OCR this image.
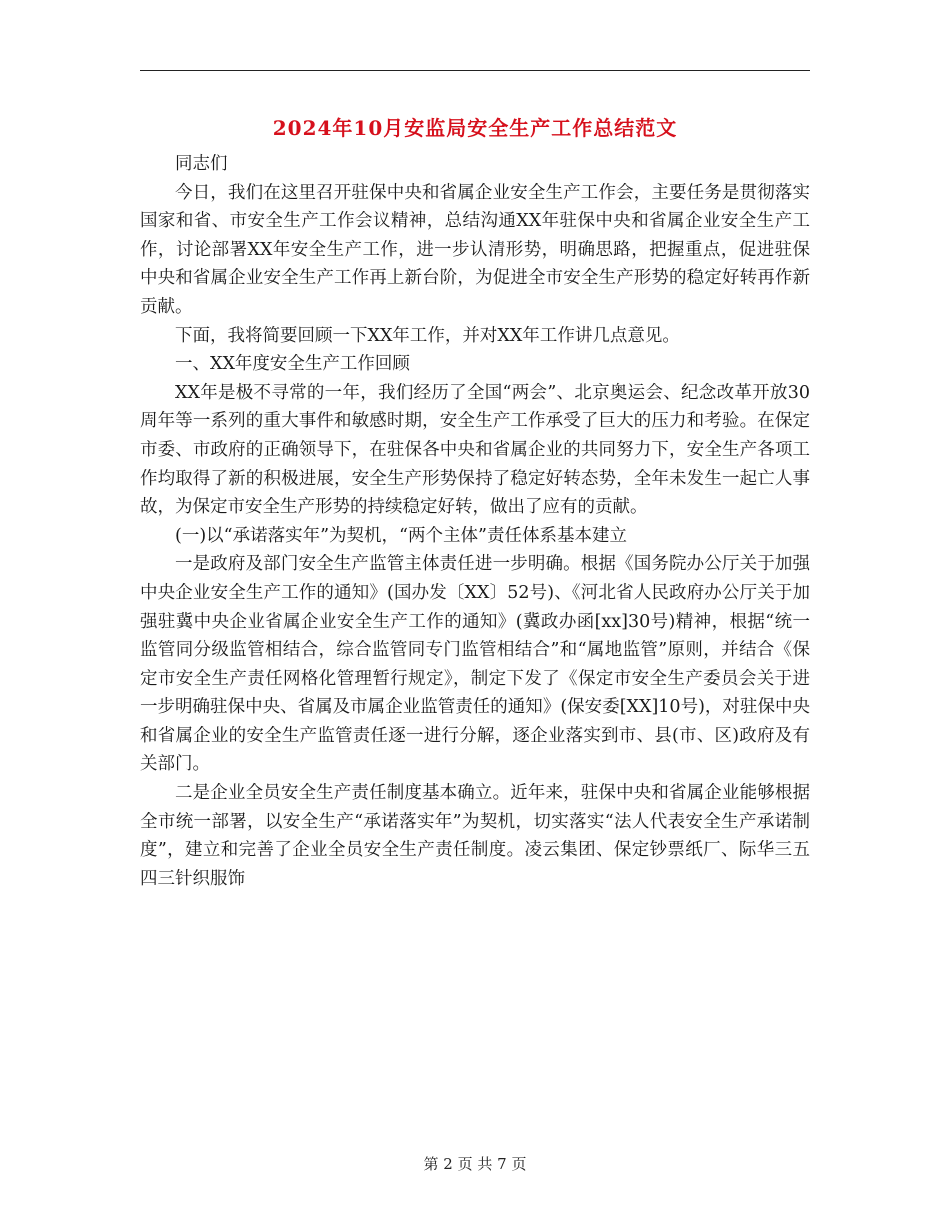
2024年10月安监局安全生产工作总结范文

同志们

今日，我们在这里召开驻保中央和省属企业安全生产工作会，主要任务是贯彻落实国家和省、市安全生产工作会议精神，总结沟通XX年驻保中央和省属企业安全生产工作，讨论部署XX年安全生产工作，进一步认清形势，明确思路，把握重点，促进驻保中央和省属企业安全生产工作再上新台阶，为促进全市安全生产形势的稳定好转再作新贡献。

下面，我将简要回顾一下XX年工作，并对XX年工作讲几点意见。

一、XX年度安全生产工作回顾

XX年是极不寻常的一年，我们经历了全国“两会”、北京奥运会、纪念改革开放30周年等一系列的重大事件和敏感时期，安全生产工作承受了巨大的压力和考验。在保定市委、市政府的正确领导下，在驻保各中央和省属企业的共同努力下，安全生产各项工作均取得了新的积极进展，安全生产形势保持了稳定好转态势，全年未发生一起亡人事故，为保定市安全生产形势的持续稳定好转，做出了应有的贡献。

(一)以“承诺落实年”为契机，“两个主体”责任体系基本建立

一是政府及部门安全生产监管主体责任进一步明确。根据《国务院办公厅关于加强中央企业安全生产工作的通知》(国办发〔XX〕52号)、《河北省人民政府办公厅关于加强驻冀中央企业省属企业安全生产工作的通知》(冀政办函[xx]30号)精神，根据“统一监管同分级监管相结合，综合监管同专门监管相结合”和“属地监管”原则，并结合《保定市安全生产责任网格化管理暂行规定》，制定下发了《保定市安全生产委员会关于进一步明确驻保中央、省属及市属企业监管责任的通知》(保安委[XX]10号)，对驻保中央和省属企业的安全生产监管责任逐一进行分解，逐企业落实到市、县(市、区)政府及有关部门。

二是企业全员安全生产责任制度基本确立。近年来，驻保中央和省属企业能够根据全市统一部署，以安全生产“承诺落实年”为契机，切实落实“法人代表安全生产承诺制度”，建立和完善了企业全员安全生产责任制度。凌云集团、保定钞票纸厂、际华三五四三针织服饰

第 2 页 共 7 页
